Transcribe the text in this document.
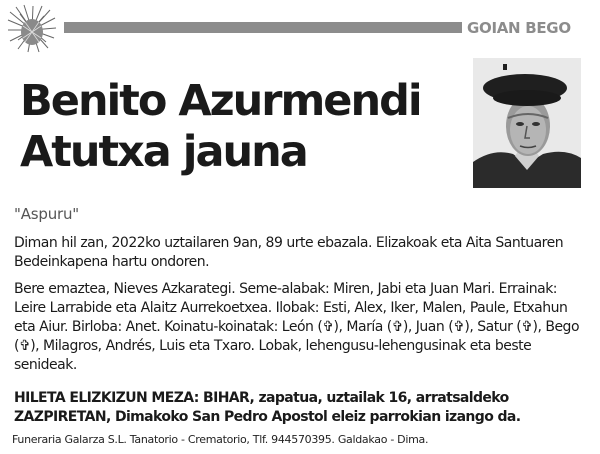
GOIAN BEGO
Benito Azurmendi
Atutxa jauna
"Aspuru"
Diman hil zan, 2022ko uztailaren 9an, 89 urte ebazala. Elizakoak eta Aita Santuaren Bedeinkapena hartu ondoren.
Bere emaztea, Nieves Azkarategi. Seme-alabak: Miren, Jabi eta Juan Mari. Errainak: Leire Larrabide eta Alaitz Aurrekoetxea. Ilobak: Esti, Alex, Iker, Malen, Paule, Etxahun eta Aiur. Birloba: Anet. Koinatu-koinatak: León (✞), María (✞), Juan (✞), Satur (✞), Bego (✞), Milagros, Andrés, Luis eta Txaro. Lobak, lehengusu-lehengusinak eta beste senideak.
HILETA ELIZKIZUN MEZA: BIHAR, zapatua, uztailak 16, arratsaldeko ZAZPIRETAN, Dimakoko San Pedro Apostol eleiz parrokian izango da.
Funeraria Galarza S.L. Tanatorio - Crematorio, Tlf. 944570395. Galdakao - Dima.
